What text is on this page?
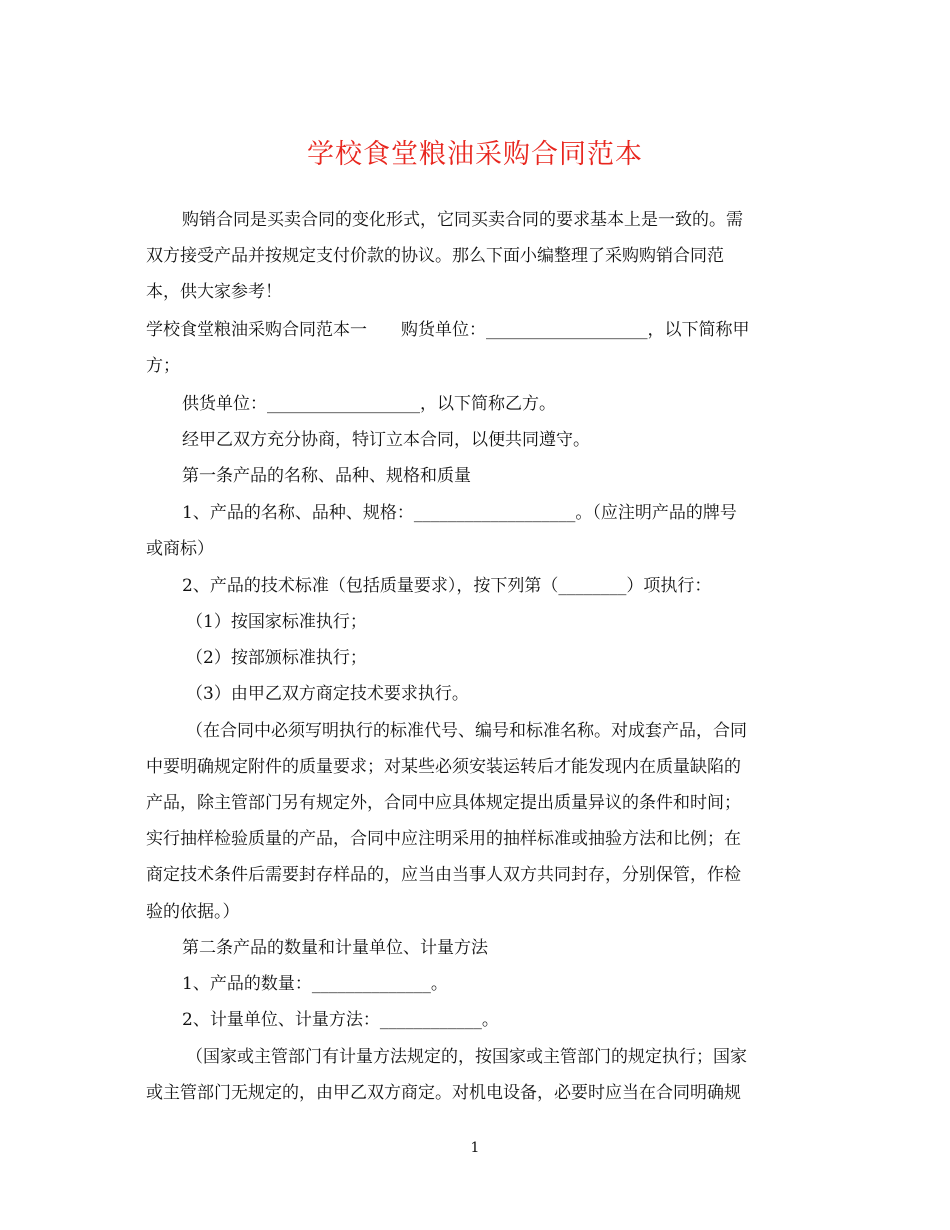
学校食堂粮油采购合同范本
购销合同是买卖合同的变化形式，它同买卖合同的要求基本上是一致的。需
双方接受产品并按规定支付价款的协议。那么下面小编整理了采购购销合同范
本，供大家参考！
学校食堂粮油采购合同范本一　　购货单位：___________________，以下简称甲
方；
供货单位：__________________，以下简称乙方。
经甲乙双方充分协商，特订立本合同，以便共同遵守。
第一条产品的名称、品种、规格和质量
1、产品的名称、品种、规格：___________________。（应注明产品的牌号
或商标）
2、产品的技术标准（包括质量要求），按下列第（________）项执行：
（1）按国家标准执行；
（2）按部颁标准执行；
（3）由甲乙双方商定技术要求执行。
（在合同中必须写明执行的标准代号、编号和标准名称。对成套产品，合同
中要明确规定附件的质量要求；对某些必须安装运转后才能发现内在质量缺陷的
产品，除主管部门另有规定外，合同中应具体规定提出质量异议的条件和时间；
实行抽样检验质量的产品，合同中应注明采用的抽样标准或抽验方法和比例；在
商定技术条件后需要封存样品的，应当由当事人双方共同封存，分别保管，作检
验的依据。）
第二条产品的数量和计量单位、计量方法
1、产品的数量：______________。
2、计量单位、计量方法：____________。
（国家或主管部门有计量方法规定的，按国家或主管部门的规定执行；国家
或主管部门无规定的，由甲乙双方商定。对机电设备，必要时应当在合同明确规
1
